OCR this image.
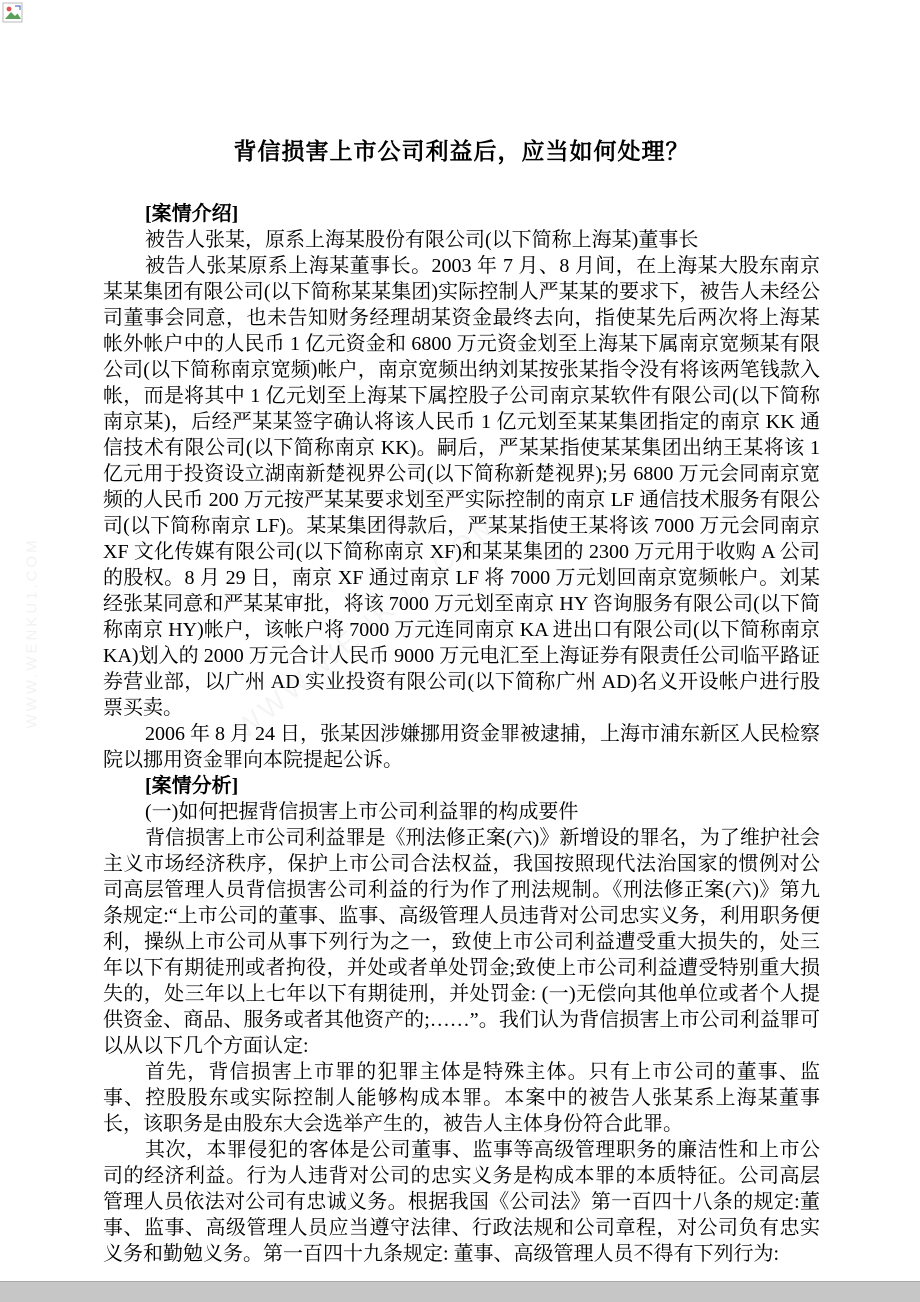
WWW.WENKU1.COM
背信损害上市公司利益后，应当如何处理？

[案情介绍]

被告人张某，原系上海某股份有限公司(以下简称上海某)董事长

被告人张某原系上海某董事长。2003 年 7 月、8 月间，在上海某大股东南京某某集团有限公司(以下简称某某集团)实际控制人严某某的要求下，被告人未经公司董事会同意，也未告知财务经理胡某资金最终去向，指使某先后两次将上海某帐外帐户中的人民币 1 亿元资金和 6800 万元资金划至上海某下属南京宽频某有限公司(以下简称南京宽频)帐户，南京宽频出纳刘某按张某指令没有将该两笔钱款入帐，而是将其中 1 亿元划至上海某下属控股子公司南京某软件有限公司(以下简称南京某)，后经严某某签字确认将该人民币 1 亿元划至某某集团指定的南京 KK 通信技术有限公司(以下简称南京 KK)。嗣后，严某某指使某某集团出纳王某将该 1 亿元用于投资设立湖南新楚视界公司(以下简称新楚视界);另 6800 万元会同南京宽频的人民币 200 万元按严某某要求划至严实际控制的南京 LF 通信技术服务有限公司(以下简称南京 LF)。某某集团得款后，严某某指使王某将该 7000 万元会同南京 XF 文化传媒有限公司(以下简称南京 XF)和某某集团的 2300 万元用于收购 A 公司的股权。8 月 29 日，南京 XF 通过南京 LF 将 7000 万元划回南京宽频帐户。刘某经张某同意和严某某审批，将该 7000 万元划至南京 HY 咨询服务有限公司(以下简称南京 HY)帐户，该帐户将 7000 万元连同南京 KA 进出口有限公司(以下简称南京 KA)划入的 2000 万元合计人民币 9000 万元电汇至上海证券有限责任公司临平路证券营业部，以广州 AD 实业投资有限公司(以下简称广州 AD)名义开设帐户进行股票买卖。

2006 年 8 月 24 日，张某因涉嫌挪用资金罪被逮捕，上海市浦东新区人民检察院以挪用资金罪向本院提起公诉。

[案情分析]

(一)如何把握背信损害上市公司利益罪的构成要件

背信损害上市公司利益罪是《刑法修正案(六)》新增设的罪名，为了维护社会主义市场经济秩序，保护上市公司合法权益，我国按照现代法治国家的惯例对公司高层管理人员背信损害公司利益的行为作了刑法规制。《刑法修正案(六)》第九条规定:“上市公司的董事、监事、高级管理人员违背对公司忠实义务，利用职务便利，操纵上市公司从事下列行为之一，致使上市公司利益遭受重大损失的，处三年以下有期徒刑或者拘役，并处或者单处罚金;致使上市公司利益遭受特别重大损失的，处三年以上七年以下有期徒刑，并处罚金: (一)无偿向其他单位或者个人提供资金、商品、服务或者其他资产的;……”。我们认为背信损害上市公司利益罪可以从以下几个方面认定:

首先，背信损害上市罪的犯罪主体是特殊主体。只有上市公司的董事、监事、控股股东或实际控制人能够构成本罪。本案中的被告人张某系上海某董事长，该职务是由股东大会选举产生的，被告人主体身份符合此罪。

其次，本罪侵犯的客体是公司董事、监事等高级管理职务的廉洁性和上市公司的经济利益。行为人违背对公司的忠实义务是构成本罪的本质特征。公司高层管理人员依法对公司有忠诚义务。根据我国《公司法》第一百四十八条的规定:董事、监事、高级管理人员应当遵守法律、行政法规和公司章程，对公司负有忠实义务和勤勉义务。第一百四十九条规定: 董事、高级管理人员不得有下列行为:
